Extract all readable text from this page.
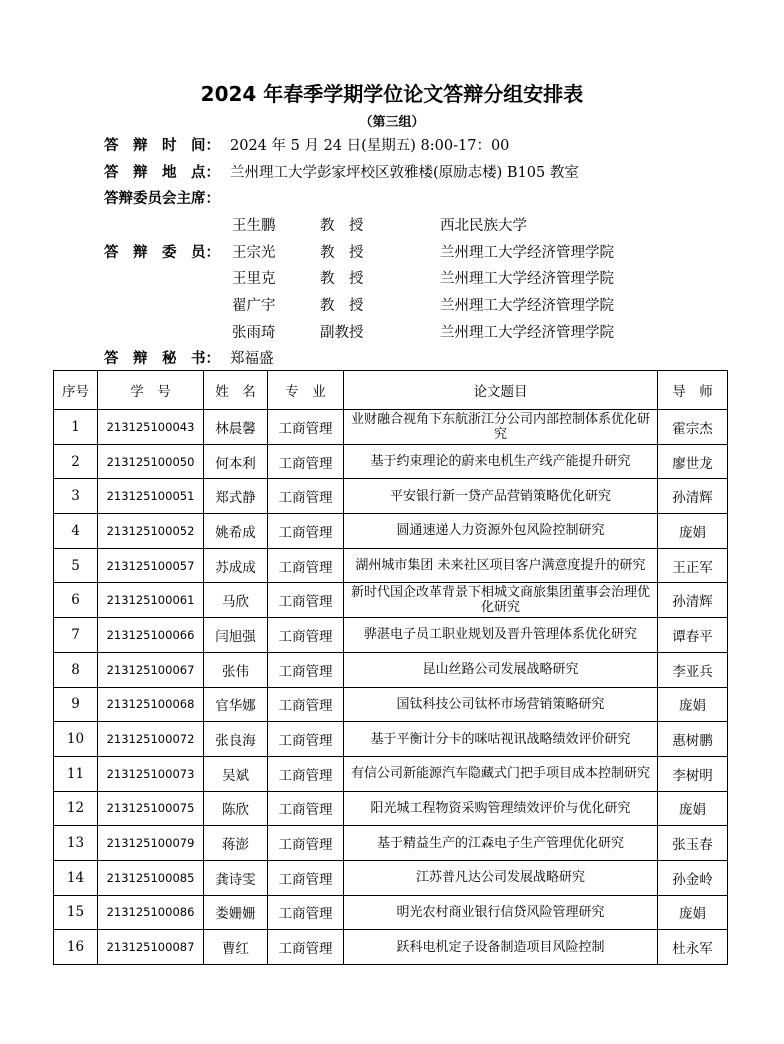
2024 年春季学期学位论文答辩分组安排表
（第三组）
答　辩　时　间： 2024 年 5 月 24 日(星期五) 8:00-17：00
答　辩　地　点： 兰州理工大学彭家坪校区敦雅楼(原励志楼) B105 教室
答辩委员会主席：
答　辩　委　员：
答　辩　秘　书： 郑福盛
王生鹏	教　授	西北民族大学
王宗光	教　授	兰州理工大学经济管理学院
王里克	教　授	兰州理工大学经济管理学院
翟广宇	教　授	兰州理工大学经济管理学院
张雨琦	副教授	兰州理工大学经济管理学院
序号	学　号	姓　名	专　业	论文题目	导　师
1	213125100043	林晨馨	工商管理	业财融合视角下东航浙江分公司内部控制体系优化研究	霍宗杰
2	213125100050	何本利	工商管理	基于约束理论的蔚来电机生产线产能提升研究	廖世龙
3	213125100051	郑式静	工商管理	平安银行新一贷产品营销策略优化研究	孙清辉
4	213125100052	姚希成	工商管理	圆通速递人力资源外包风险控制研究	庞娟
5	213125100057	苏成成	工商管理	湖州城市集团 未来社区项目客户满意度提升的研究	王正军
6	213125100061	马欣	工商管理	新时代国企改革背景下相城文商旅集团董事会治理优化研究	孙清辉
7	213125100066	闫旭强	工商管理	骅湛电子员工职业规划及晋升管理体系优化研究	谭春平
8	213125100067	张伟	工商管理	昆山丝路公司发展战略研究	李亚兵
9	213125100068	官华娜	工商管理	国钛科技公司钛杯市场营销策略研究	庞娟
10	213125100072	张良海	工商管理	基于平衡计分卡的咪咕视讯战略绩效评价研究	惠树鹏
11	213125100073	吴斌	工商管理	有信公司新能源汽车隐藏式门把手项目成本控制研究	李树明
12	213125100075	陈欣	工商管理	阳光城工程物资采购管理绩效评价与优化研究	庞娟
13	213125100079	蒋澎	工商管理	基于精益生产的江森电子生产管理优化研究	张玉春
14	213125100085	龚诗雯	工商管理	江苏普凡达公司发展战略研究	孙金岭
15	213125100086	娄姗姗	工商管理	明光农村商业银行信贷风险管理研究	庞娟
16	213125100087	曹红	工商管理	跃科电机定子设备制造项目风险控制	杜永军
